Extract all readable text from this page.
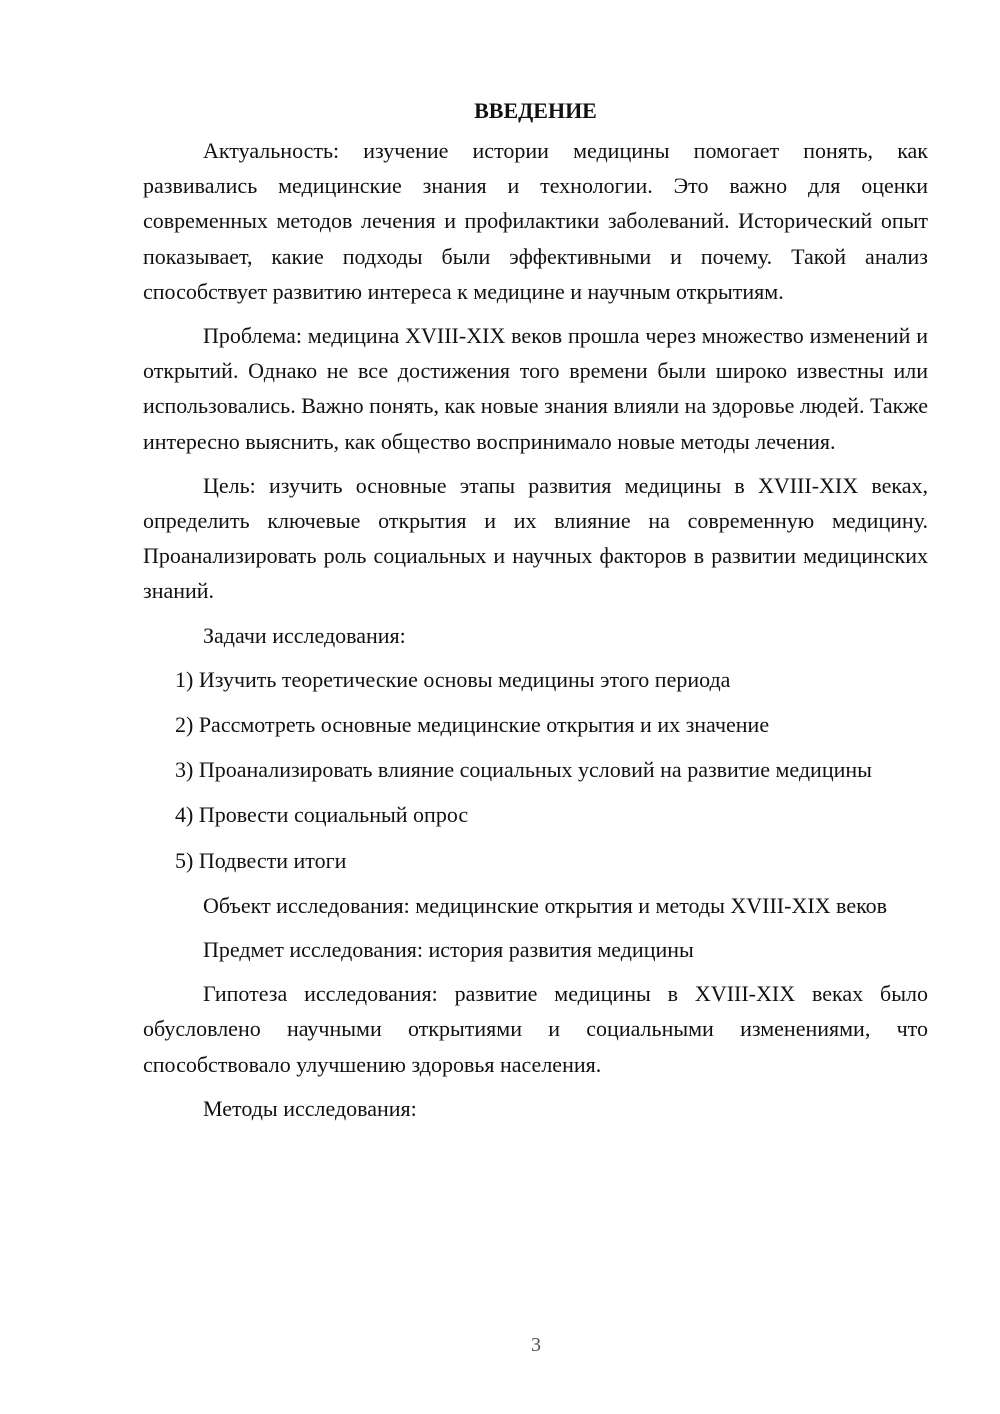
ВВЕДЕНИЕ

Актуальность: изучение истории медицины помогает понять, как развивались медицинские знания и технологии. Это важно для оценки современных методов лечения и профилактики заболеваний. Исторический опыт показывает, какие подходы были эффективными и почему. Такой анализ способствует развитию интереса к медицине и научным открытиям.

Проблема: медицина XVIII-XIX веков прошла через множество изменений и открытий. Однако не все достижения того времени были широко известны или использовались. Важно понять, как новые знания влияли на здоровье людей. Также интересно выяснить, как общество воспринимало новые методы лечения.

Цель: изучить основные этапы развития медицины в XVIII-XIX веках, определить ключевые открытия и их влияние на современную медицину. Проанализировать роль социальных и научных факторов в развитии медицинских знаний.

Задачи исследования:

1) Изучить теоретические основы медицины этого периода

2) Рассмотреть основные медицинские открытия и их значение

3) Проанализировать влияние социальных условий на развитие медицины

4) Провести социальный опрос

5) Подвести итоги

Объект исследования: медицинские открытия и методы XVIII-XIX веков

Предмет исследования: история развития медицины

Гипотеза исследования: развитие медицины в XVIII-XIX веках было обусловлено научными открытиями и социальными изменениями, что способствовало улучшению здоровья населения.

Методы исследования:

3
